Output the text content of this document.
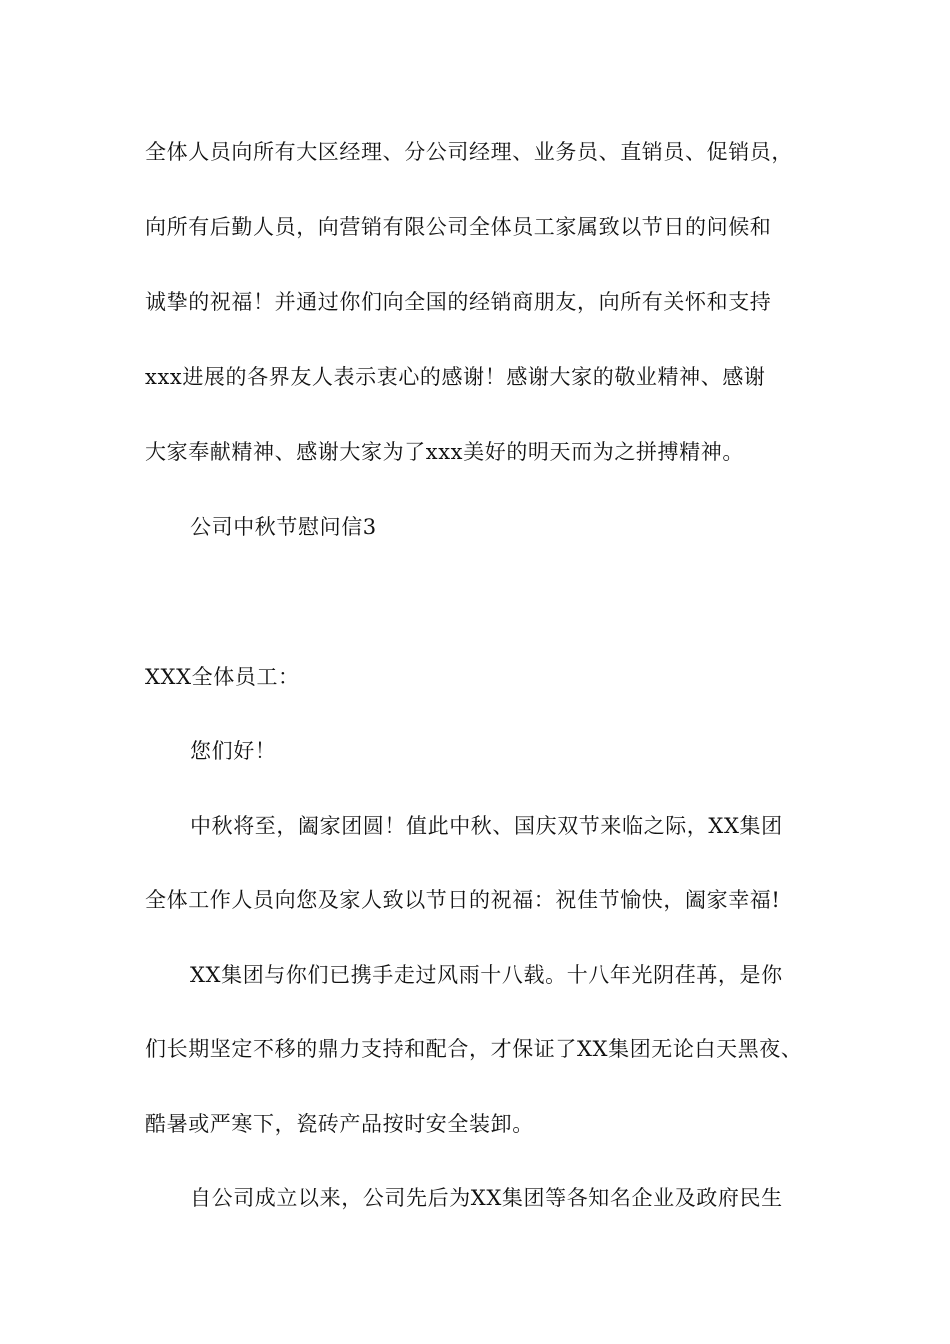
全体人员向所有大区经理、分公司经理、业务员、直销员、促销员，
向所有后勤人员，向营销有限公司全体员工家属致以节日的问候和
诚挚的祝福！并通过你们向全国的经销商朋友，向所有关怀和支持
xxx进展的各界友人表示衷心的感谢！感谢大家的敬业精神、感谢
大家奉献精神、感谢大家为了xxx美好的明天而为之拼搏精神。
公司中秋节慰问信3
XXX全体员工：
您们好！
中秋将至，阖家团圆！值此中秋、国庆双节来临之际，XX集团
全体工作人员向您及家人致以节日的祝福：祝佳节愉快，阖家幸福!
XX集团与你们已携手走过风雨十八载。十八年光阴荏苒，是你
们长期坚定不移的鼎力支持和配合，才保证了XX集团无论白天黑夜、
酷暑或严寒下，瓷砖产品按时安全装卸。
自公司成立以来，公司先后为XX集团等各知名企业及政府民生
